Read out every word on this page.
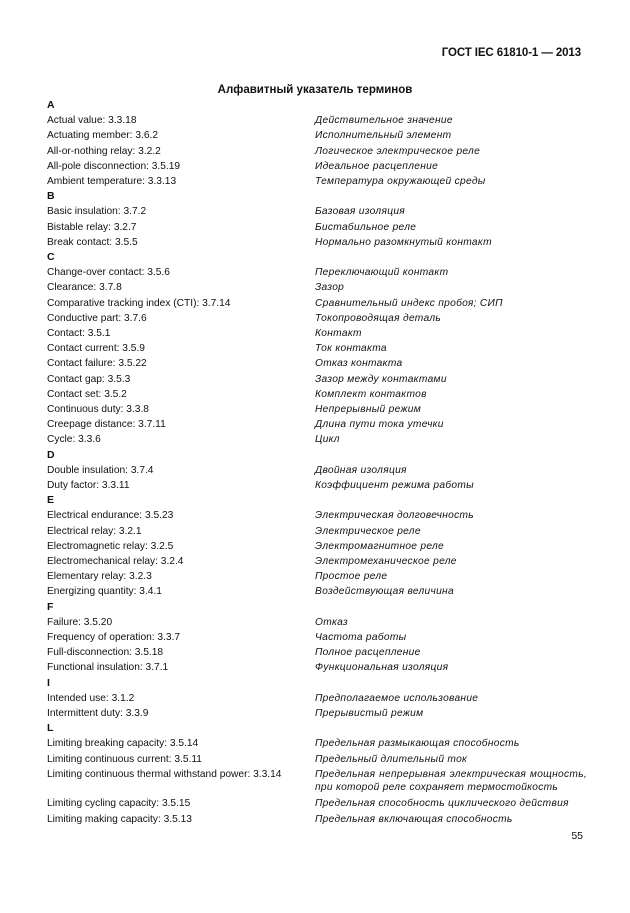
ГОСТ IEC 61810-1 — 2013
Алфавитный указатель терминов
A
Actual value: 3.3.18	Действительное значение
Actuating member: 3.6.2	Исполнительный элемент
All-or-nothing relay: 3.2.2	Логическое электрическое реле
All-pole disconnection: 3.5.19	Идеальное расцепление
Ambient temperature: 3.3.13	Температура окружающей среды
B
Basic insulation: 3.7.2	Базовая изоляция
Bistable relay: 3.2.7	Бистабильное реле
Break contact: 3.5.5	Нормально разомкнутый контакт
C
Change-over contact: 3.5.6	Переключающий контакт
Clearance: 3.7.8	Зазор
Comparative tracking index (CTI): 3.7.14	Сравнительный индекс пробоя; СИП
Conductive part: 3.7.6	Токопроводящая деталь
Contact: 3.5.1	Контакт
Contact current: 3.5.9	Ток контакта
Contact failure: 3.5.22	Отказ контакта
Contact gap: 3.5.3	Зазор между контактами
Contact set: 3.5.2	Комплект контактов
Continuous duty: 3.3.8	Непрерывный режим
Creepage distance: 3.7.11	Длина пути тока утечки
Cycle: 3.3.6	Цикл
D
Double insulation: 3.7.4	Двойная изоляция
Duty factor: 3.3.11	Коэффициент режима работы
E
Electrical endurance: 3.5.23	Электрическая долговечность
Electrical relay: 3.2.1	Электрическое реле
Electromagnetic relay: 3.2.5	Электромагнитное реле
Electromechanical relay: 3.2.4	Электромеханическое реле
Elementary relay: 3.2.3	Простое реле
Energizing quantity: 3.4.1	Воздействующая величина
F
Failure: 3.5.20	Отказ
Frequency of operation: 3.3.7	Частота работы
Full-disconnection: 3.5.18	Полное расцепление
Functional insulation: 3.7.1	Функциональная изоляция
I
Intended use: 3.1.2	Предполагаемое использование
Intermittent duty: 3.3.9	Прерывистый режим
L
Limiting breaking capacity: 3.5.14	Предельная размыкающая способность
Limiting continuous current: 3.5.11	Предельный длительный ток
Limiting continuous thermal withstand power: 3.3.14	Предельная непрерывная электрическая мощность, при которой реле сохраняет термостойкость
Limiting cycling capacity: 3.5.15	Предельная способность циклического действия
Limiting making capacity: 3.5.13	Предельная включающая способность
55
